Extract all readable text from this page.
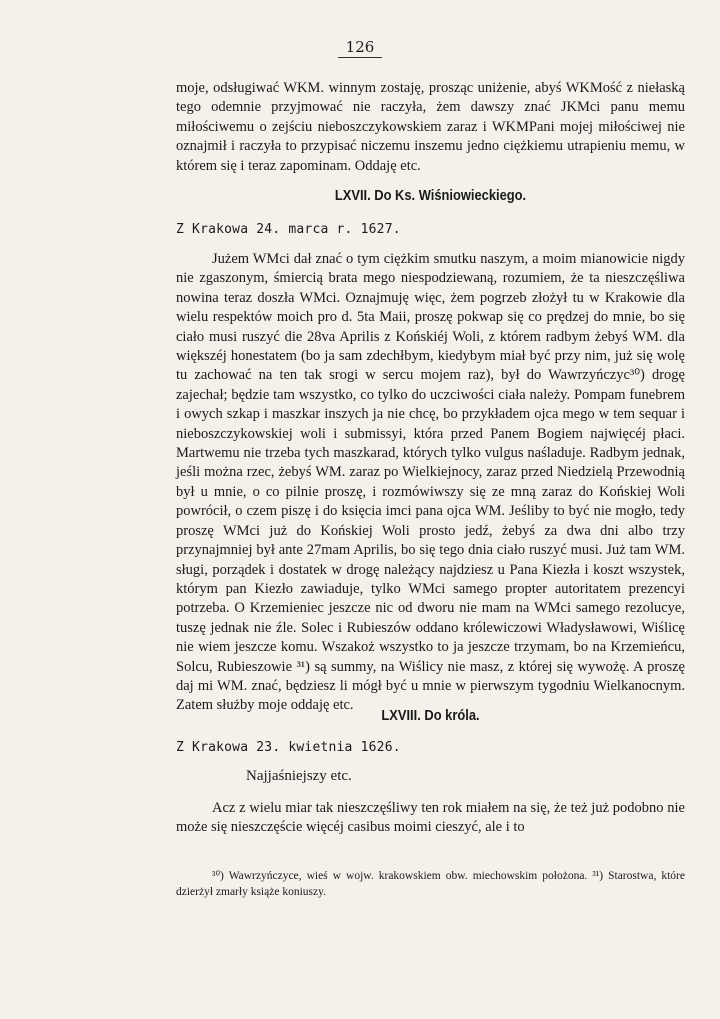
126

moje, odsługiwać WKM. winnym zostaję, prosząc uniżenie, abyś WKMość z niełaską tego odemnie przyjmować nie raczyła, żem dawszy znać JKMci panu memu miłościwemu o zejściu nieboszczykowskiem zaraz i WKMPani mojej miłościwej nie oznajmił i raczyła to przypisać niczemu inszemu jedno ciężkiemu utrapieniu memu, w którem się i teraz zapominam. Oddaję etc.

LXVII. Do Ks. Wiśniowieckiego.
Z Krakowa 24. marca r. 1627.

Jużem WMci dał znać o tym ciężkim smutku naszym, a moim mianowicie nigdy nie zgaszonym, śmiercią brata mego niespodziewaną, rozumiem, że ta nieszczęśliwa nowina teraz doszła WMci. Oznajmuję więc, żem pogrzeb złożył tu w Krakowie dla wielu respektów moich pro d. 5ta Maii, proszę pokwap się co prędzej do mnie, bo się ciało musi ruszyć die 28va Aprilis z Końskiéj Woli, z którem radbym żebyś WM. dla większéj honestatem (bo ja sam zdechłbym, kiedybym miał być przy nim, już się wolę tu zachować na ten tak srogi w sercu mojem raz), był do Wawrzyńczyc³⁰) drogę zajechał; będzie tam wszystko, co tylko do uczciwości ciała należy. Pompam funebrem i owych szkap i maszkar inszych ja nie chcę, bo przykładem ojca mego w tem sequar i nieboszczykowskiej woli i submissyi, która przed Panem Bogiem najwięcéj płaci. Martwemu nie trzeba tych maszkarad, których tylko vulgus naśladuje. Radbym jednak, jeśli można rzec, żebyś WM. zaraz po Wielkiejnocy, zaraz przed Niedzielą Przewodnią był u mnie, o co pilnie proszę, i rozmówiwszy się ze mną zaraz do Końskiej Woli powrócił, o czem piszę i do księcia imci pana ojca WM. Jeśliby to być nie mogło, tedy proszę WMci już do Końskiej Woli prosto jedź, żebyś za dwa dni albo trzy przynajmniej był ante 27mam Aprilis, bo się tego dnia ciało ruszyć musi. Już tam WM. sługi, porządek i dostatek w drogę należący najdziesz u Pana Kiezła i koszt wszystek, którym pan Kiezło zawiaduje, tylko WMci samego propter autoritatem prezencyi potrzeba. O Krzemieniec jeszcze nic od dworu nie mam na WMci samego rezolucye, tuszę jednak nie źle. Solec i Rubieszów oddano królewiczowi Władysławowi, Wiślicę nie wiem jeszcze komu. Wszakoż wszystko to ja jeszcze trzymam, bo na Krzemieńcu, Solcu, Rubieszowie ³¹) są summy, na Wiślicy nie masz, z której się wywożę. A proszę daj mi WM. znać, będziesz li mógł być u mnie w pierwszym tygodniu Wielkanocnym. Zatem służby moje oddaję etc.

LXVIII. Do króla.
Z Krakowa 23. kwietnia 1626.
Najjaśniejszy etc.

Acz z wielu miar tak nieszczęśliwy ten rok miałem na się, że też już podobno nie może się nieszczęście więcéj casibus moimi cieszyć, ale i to

³⁰) Wawrzyńczyce, wieś w wojw. krakowskiem obw. miechowskim położona. ³¹) Starostwa, które dzierżył zmarły książe koniuszy.
